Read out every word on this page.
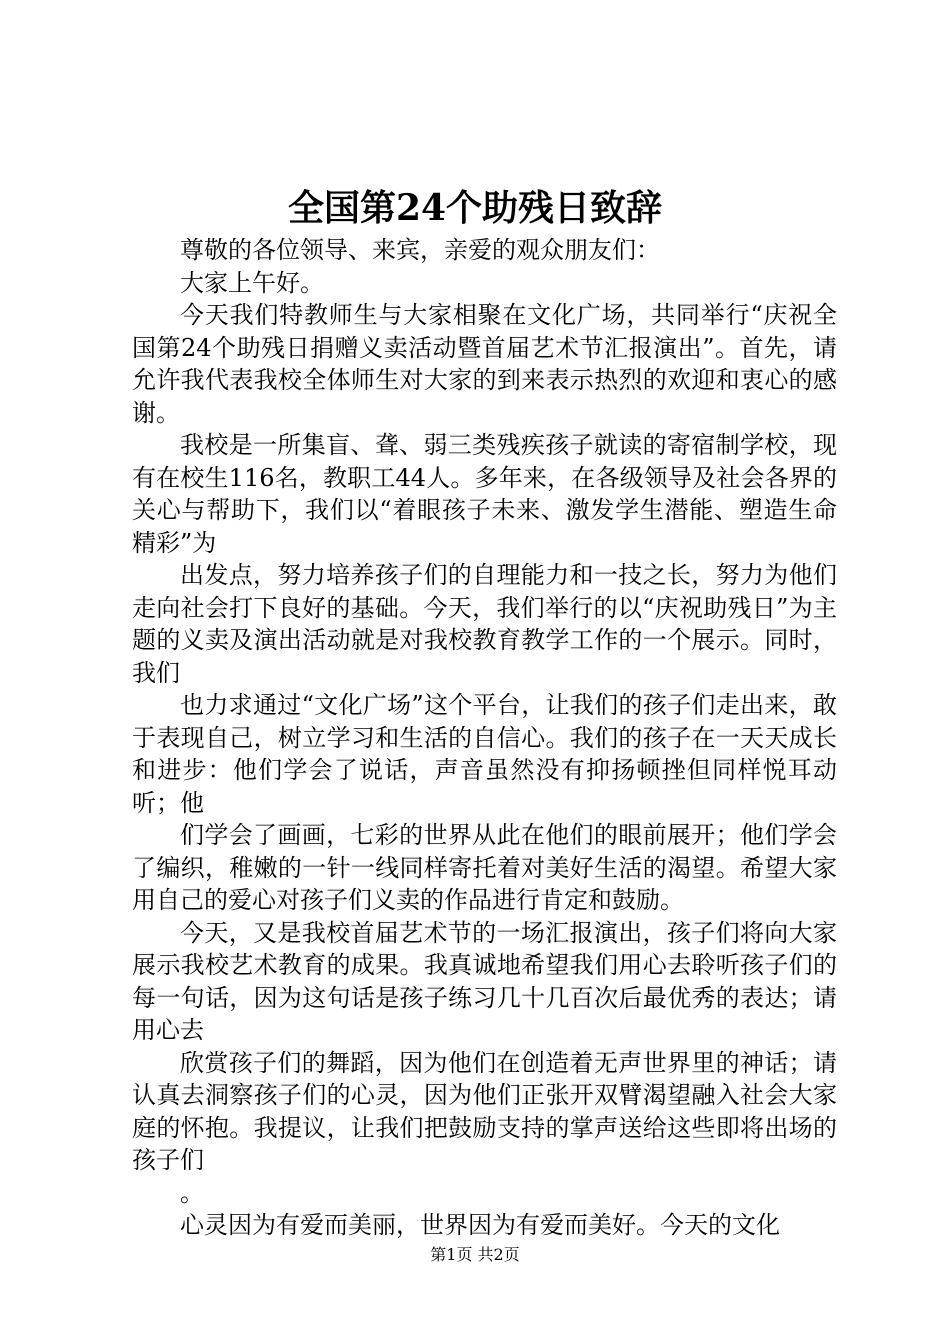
全国第24个助残日致辞

尊敬的各位领导、来宾，亲爱的观众朋友们：

大家上午好。

今天我们特教师生与大家相聚在文化广场，共同举行“庆祝全国第24个助残日捐赠义卖活动暨首届艺术节汇报演出”。首先，请允许我代表我校全体师生对大家的到来表示热烈的欢迎和衷心的感谢。

我校是一所集盲、聋、弱三类残疾孩子就读的寄宿制学校，现有在校生116名，教职工44人。多年来，在各级领导及社会各界的关心与帮助下，我们以“着眼孩子未来、激发学生潜能、塑造生命精彩”为

出发点，努力培养孩子们的自理能力和一技之长，努力为他们走向社会打下良好的基础。今天，我们举行的以“庆祝助残日”为主题的义卖及演出活动就是对我校教育教学工作的一个展示。同时，我们

也力求通过“文化广场”这个平台，让我们的孩子们走出来，敢于表现自己，树立学习和生活的自信心。我们的孩子在一天天成长和进步：他们学会了说话，声音虽然没有抑扬顿挫但同样悦耳动听；他

们学会了画画，七彩的世界从此在他们的眼前展开；他们学会了编织，稚嫩的一针一线同样寄托着对美好生活的渴望。希望大家用自己的爱心对孩子们义卖的作品进行肯定和鼓励。

今天，又是我校首届艺术节的一场汇报演出，孩子们将向大家展示我校艺术教育的成果。我真诚地希望我们用心去聆听孩子们的每一句话，因为这句话是孩子练习几十几百次后最优秀的表达；请用心去

欣赏孩子们的舞蹈，因为他们在创造着无声世界里的神话；请认真去洞察孩子们的心灵，因为他们正张开双臂渴望融入社会大家庭的怀抱。我提议，让我们把鼓励支持的掌声送给这些即将出场的孩子们

。

心灵因为有爱而美丽，世界因为有爱而美好。今天的文化

第1页 共2页
